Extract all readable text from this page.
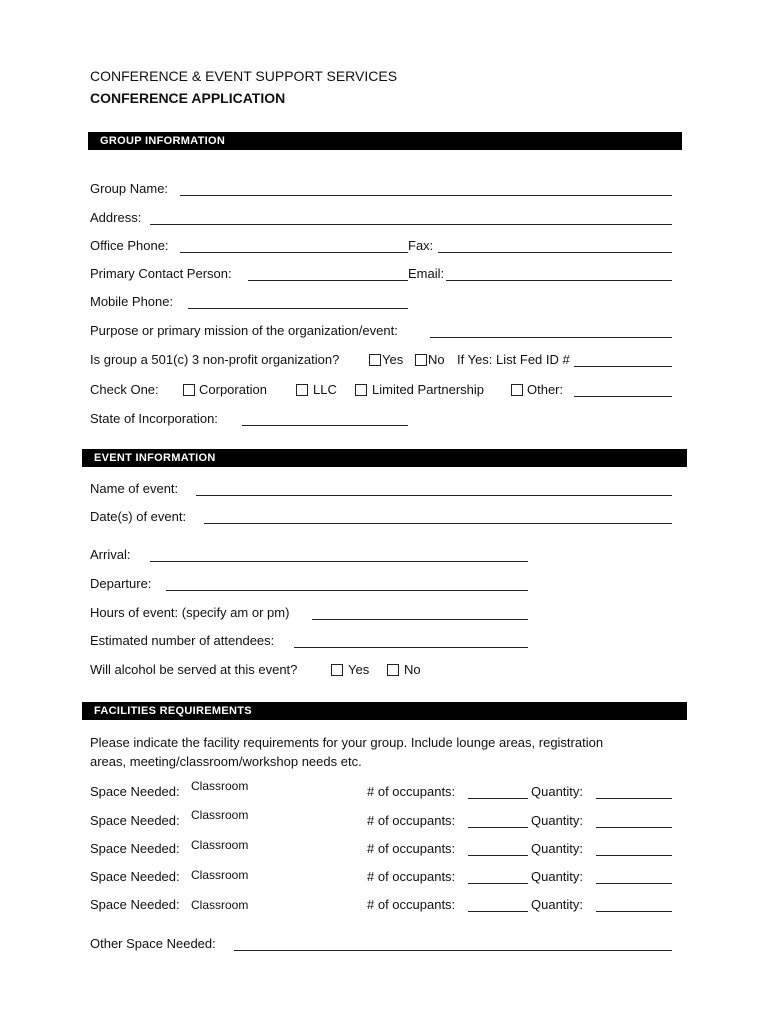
CONFERENCE & EVENT SUPPORT SERVICES
CONFERENCE APPLICATION
GROUP INFORMATION
Group Name:
Address:
Office Phone:	Fax:
Primary Contact Person:	Email:
Mobile Phone:
Purpose or primary mission of the organization/event:
Is group a 501(c) 3 non-profit organization?	Yes No If Yes: List Fed ID #
Check One:	Corporation	LLC	Limited Partnership	Other:
State of Incorporation:
EVENT INFORMATION
Name of event:
Date(s) of event:
Arrival:
Departure:
Hours of event: (specify am or pm)
Estimated number of attendees:
Will alcohol be served at this event?	Yes	No
FACILITIES REQUIREMENTS
Please indicate the facility requirements for your group. Include lounge areas, registration
areas, meeting/classroom/workshop needs etc.
Space Needed: Classroom	# of occupants:	Quantity:
Space Needed: Classroom	# of occupants:	Quantity:
Space Needed: Classroom	# of occupants:	Quantity:
Space Needed: Classroom	# of occupants:	Quantity:
Space Needed: Classroom	# of occupants:	Quantity:
Other Space Needed:
